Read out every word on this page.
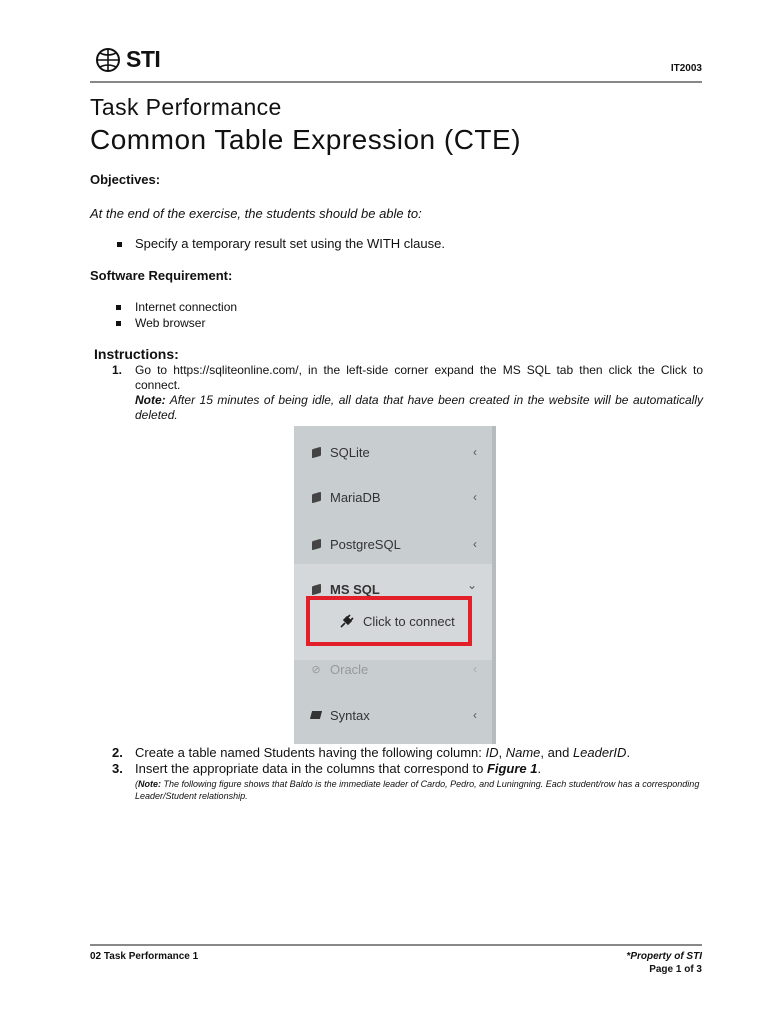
STI	IT2003
Task Performance
Common Table Expression (CTE)
Objectives:
At the end of the exercise, the students should be able to:
Specify a temporary result set using the WITH clause.
Software Requirement:
Internet connection
Web browser
Instructions:
1. Go to https://sqliteonline.com/, in the left-side corner expand the MS SQL tab then click the Click to connect.
Note: After 15 minutes of being idle, all data that have been created in the website will be automatically deleted.
SQLite	‹
MariaDB	‹
PostgreSQL	‹
MS SQL	⌄
Click to connect
⊘ Oracle	‹
Syntax	‹
2. Create a table named Students having the following column: ID, Name, and LeaderID.
3. Insert the appropriate data in the columns that correspond to Figure 1.
(Note: The following figure shows that Baldo is the immediate leader of Cardo, Pedro, and Luningning. Each student/row has a corresponding Leader/Student relationship.
02 Task Performance 1	*Property of STI
Page 1 of 3
